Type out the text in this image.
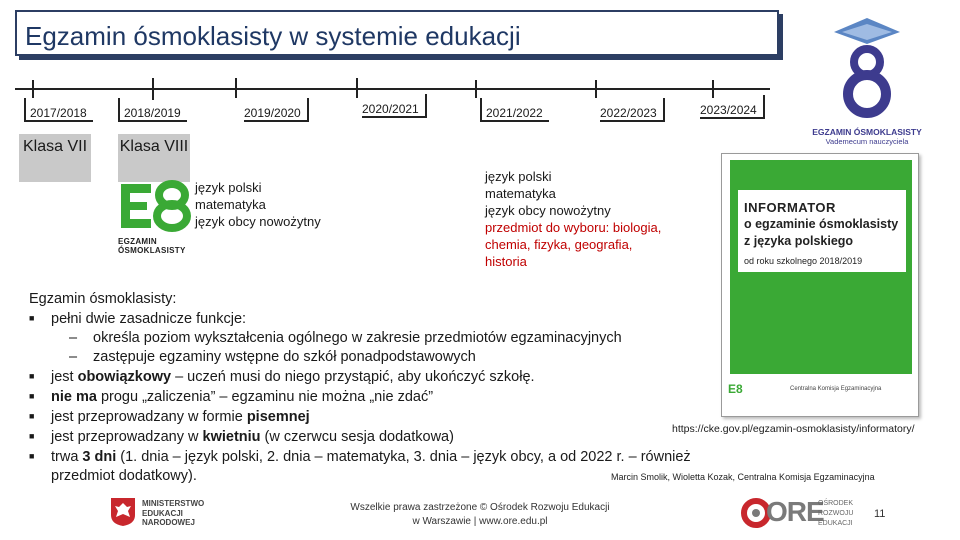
Egzamin ósmoklasisty w systemie edukacji
2017/2018	2018/2019	2019/2020	2020/2021	2021/2022	2022/2023	2023/2024
Klasa VII Klasa VIII
EGZAMIN
ÓSMOKLASISTY
język polski
matematyka
język obcy nowożytny
język polski
matematyka
język obcy nowożytny
przedmiot do wyboru: biologia,
chemia, fizyka, geografia,
historia
EGZAMIN ÓSMOKLASISTY
Vademecum nauczyciela
INFORMATOR
o egzaminie ósmoklasisty
z języka polskiego
od roku szkolnego 2018/2019
E8	Centralna Komisja Egzaminacyjna
https://cke.gov.pl/egzamin-osmoklasisty/informatory/
Egzamin ósmoklasisty:
■ pełni dwie zasadnicze funkcje:
– określa poziom wykształcenia ogólnego w zakresie przedmiotów egzaminacyjnych
– zastępuje egzaminy wstępne do szkół ponadpodstawowych
■ jest obowiązkowy – uczeń musi do niego przystąpić, aby ukończyć szkołę.
■ nie ma progu „zaliczenia” – egzaminu nie można „nie zdać”
■ jest przeprowadzany w formie pisemnej
■ jest przeprowadzany w kwietniu (w czerwcu sesja dodatkowa)
■ trwa 3 dni (1. dnia – język polski, 2. dnia – matematyka, 3. dnia – język obcy, a od 2022 r. – również
przedmiot dodatkowy).	Marcin Smolik, Wioletta Kozak, Centralna Komisja Egzaminacyjna
MINISTERSTWO
EDUKACJI
NARODOWEJ
Wszelkie prawa zastrzeżone © Ośrodek Rozwoju Edukacji
w Warszawie | www.ore.edu.pl	ORE
OŚRODEK
ROZWOJU
EDUKACJI
11
